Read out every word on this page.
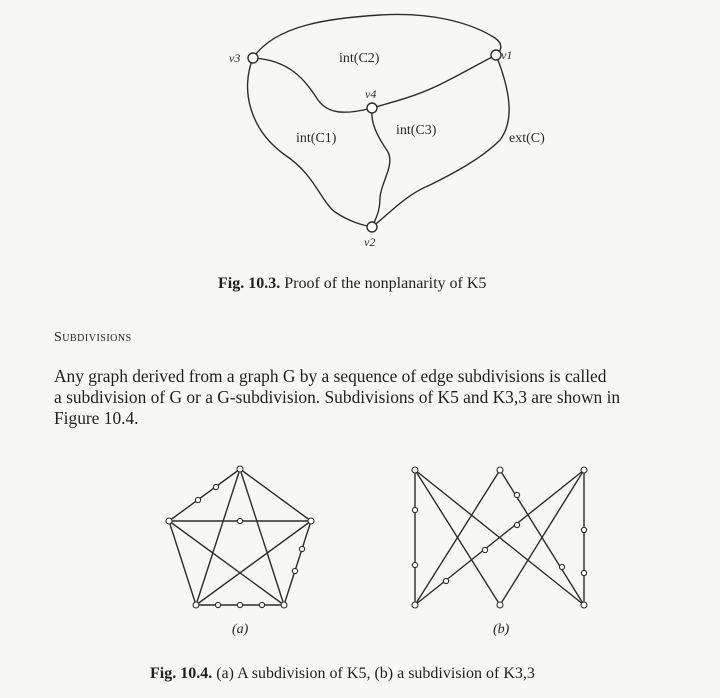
v3	v1
v4
v2
int(C2)
int(C1)
int(C3)
ext(C)
Fig. 10.3. Proof of the nonplanarity of K5
Subdivisions
Any graph derived from a graph G by a sequence of edge subdivisions is called
a subdivision of G or a G-subdivision. Subdivisions of K5 and K3,3 are shown in
Figure 10.4.
(a)	(b)
Fig. 10.4. (a) A subdivision of K5, (b) a subdivision of K3,3
